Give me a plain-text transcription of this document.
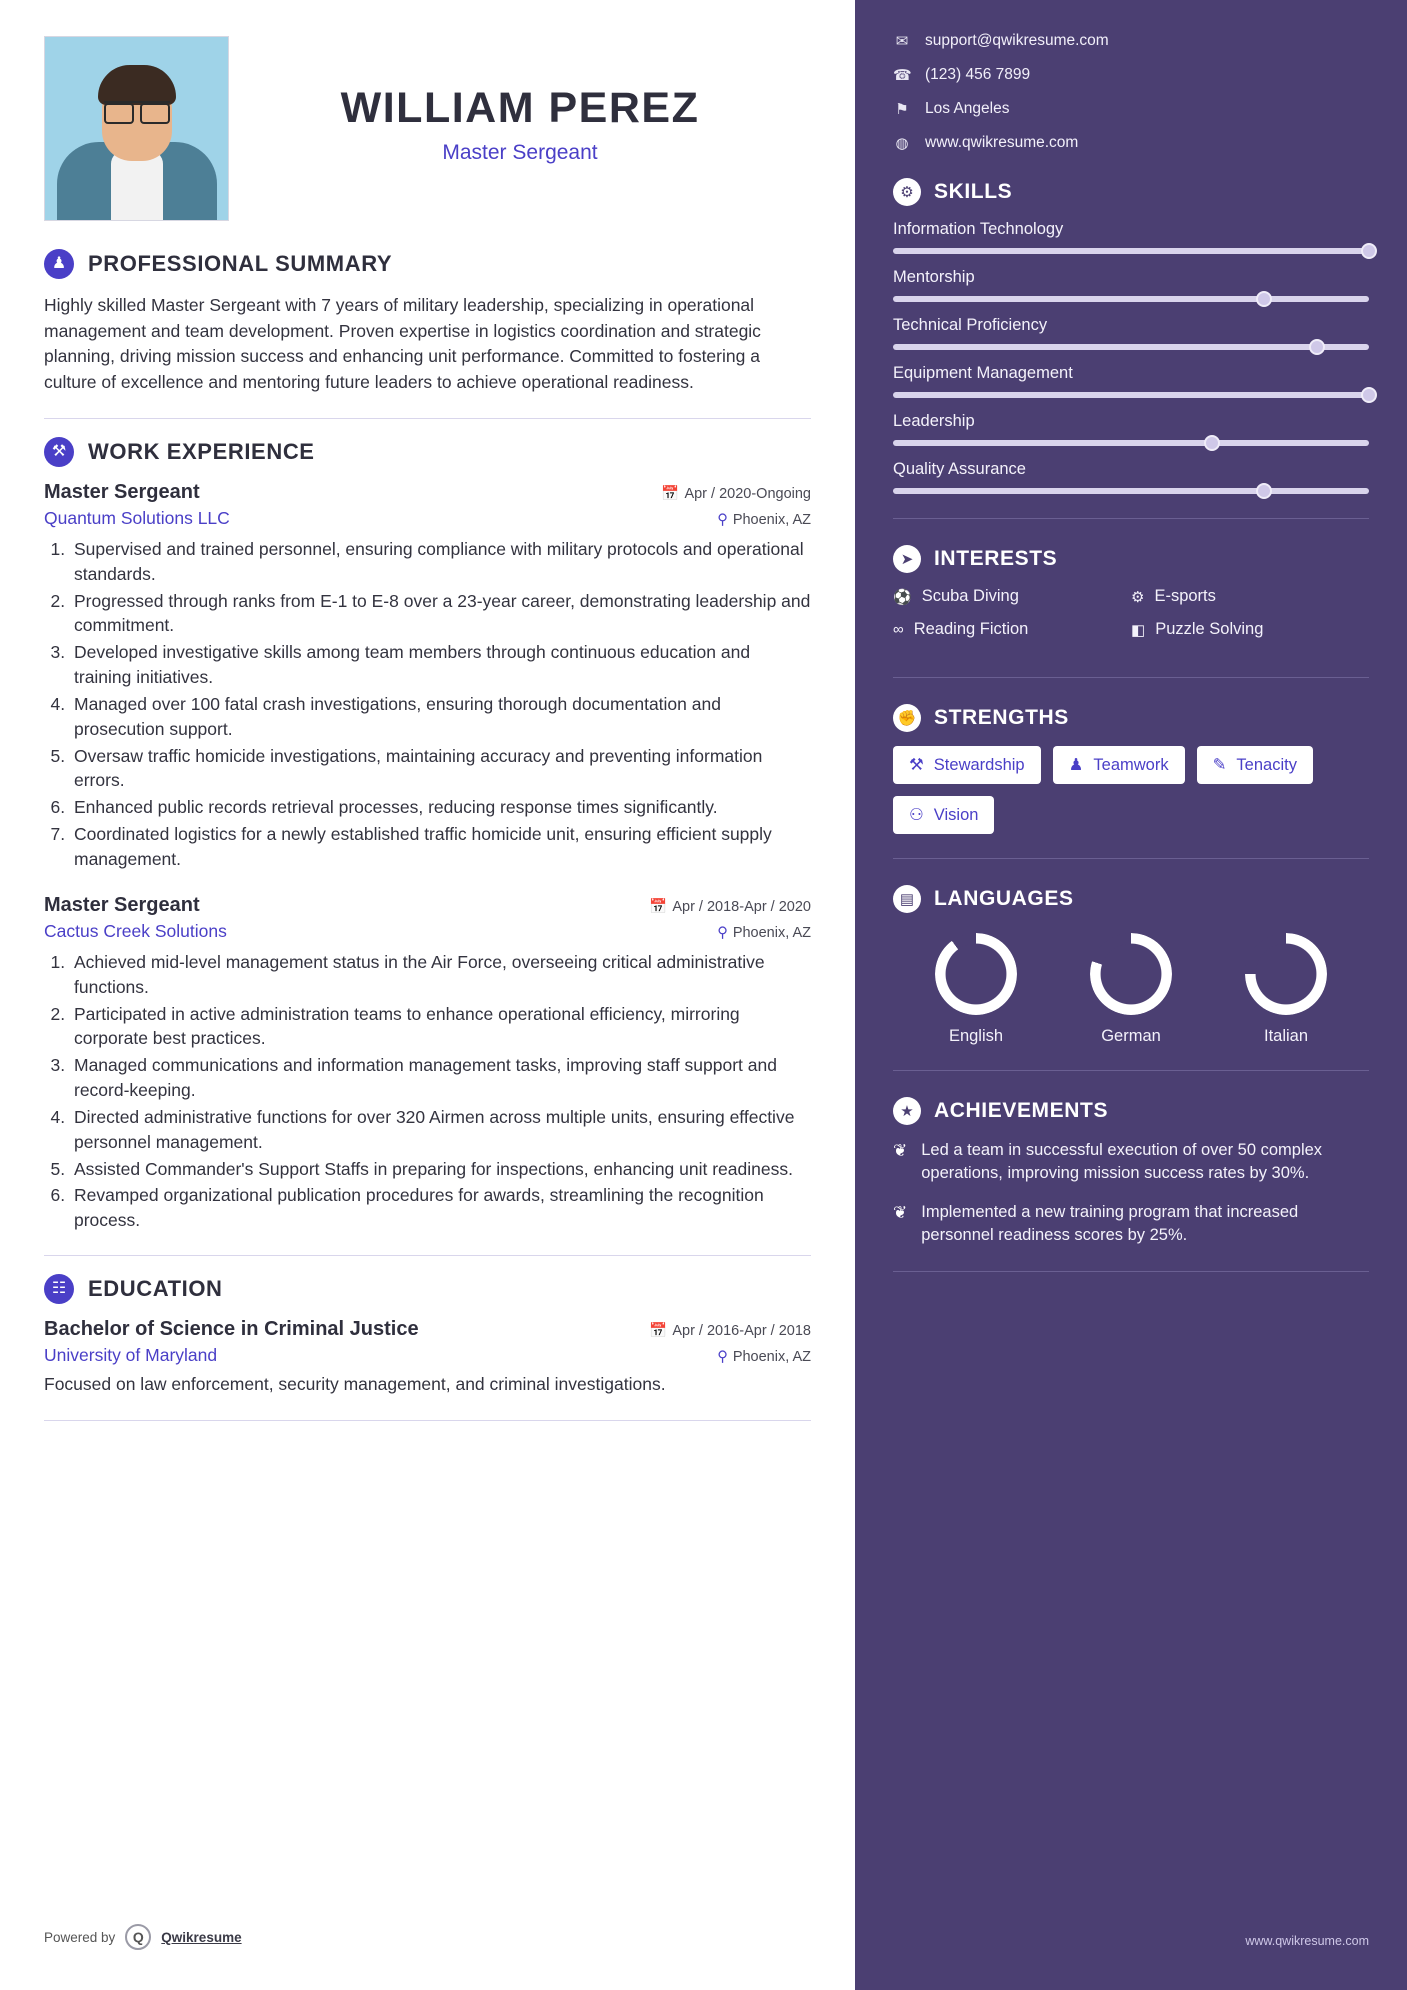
WILLIAM PEREZ
Master Sergeant
♟ PROFESSIONAL SUMMARY
Highly skilled Master Sergeant with 7 years of military leadership, specializing in operational management and team development. Proven expertise in logistics coordination and strategic planning, driving mission success and enhancing unit performance. Committed to fostering a culture of excellence and mentoring future leaders to achieve operational readiness.
⚒ WORK EXPERIENCE
Master Sergeant	📅 Apr / 2020-Ongoing
Quantum Solutions LLC	⚲ Phoenix, AZ
1. Supervised and trained personnel, ensuring compliance with military protocols and operational standards.
2. Progressed through ranks from E-1 to E-8 over a 23-year career, demonstrating leadership and commitment.
3. Developed investigative skills among team members through continuous education and training initiatives.
4. Managed over 100 fatal crash investigations, ensuring thorough documentation and prosecution support.
5. Oversaw traffic homicide investigations, maintaining accuracy and preventing information errors.
6. Enhanced public records retrieval processes, reducing response times significantly.
7. Coordinated logistics for a newly established traffic homicide unit, ensuring efficient supply management.
Master Sergeant	📅 Apr / 2018-Apr / 2020
Cactus Creek Solutions	⚲ Phoenix, AZ
1. Achieved mid-level management status in the Air Force, overseeing critical administrative functions.
2. Participated in active administration teams to enhance operational efficiency, mirroring corporate best practices.
3. Managed communications and information management tasks, improving staff support and record-keeping.
4. Directed administrative functions for over 320 Airmen across multiple units, ensuring effective personnel management.
5. Assisted Commander's Support Staffs in preparing for inspections, enhancing unit readiness.
6. Revamped organizational publication procedures for awards, streamlining the recognition process.
☷ EDUCATION
Bachelor of Science in Criminal Justice	📅 Apr / 2016-Apr / 2018
University of Maryland	⚲ Phoenix, AZ
Focused on law enforcement, security management, and criminal investigations.
Powered by	Q	Qwikresume
✉ support@qwikresume.com
☎ (123) 456 7899
⚑ Los Angeles
◍ www.qwikresume.com
⚙ SKILLS
Information Technology
Mentorship
Technical Proficiency
Equipment Management
Leadership
Quality Assurance
➤ INTERESTS
⚽ Scuba Diving	⚙ E-sports
∞ Reading Fiction	◧ Puzzle Solving
✊ STRENGTHS
⚒ Stewardship	♟ Teamwork	✎ Tenacity
⚇ Vision
▤ LANGUAGES
English	German	Italian
★ ACHIEVEMENTS
❦ Led a team in successful execution of over 50 complex operations, improving mission success rates by 30%.
❦ Implemented a new training program that increased personnel readiness scores by 25%.
www.qwikresume.com
